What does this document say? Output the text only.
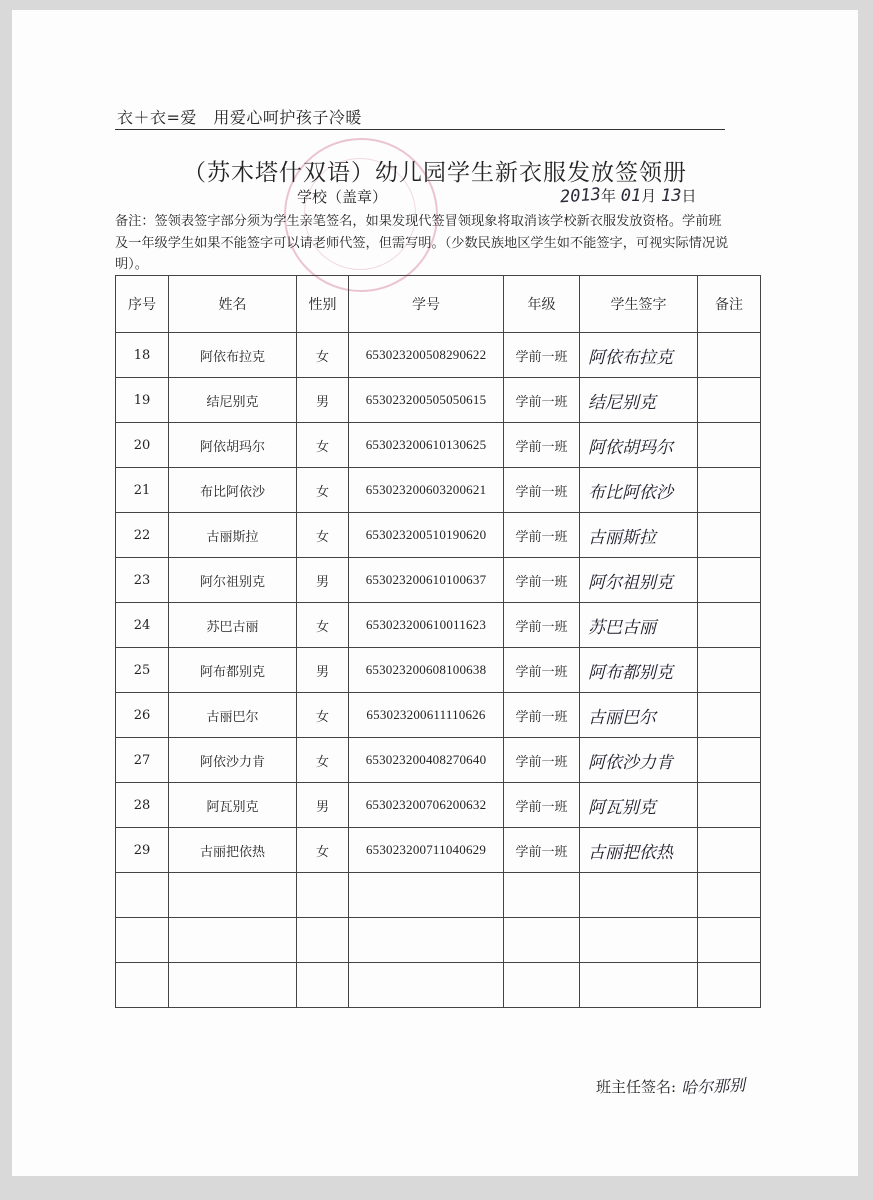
衣＋衣=爱　用爱心呵护孩子冷暖
（苏木塔什双语）幼儿园学生新衣服发放签领册
学校（盖章）	2013年 01月 13日
备注：签领表签字部分须为学生亲笔签名，如果发现代签冒领现象将取消该学校新衣服发放资格。学前班及一年级学生如果不能签字可以请老师代签，但需写明。（少数民族地区学生如不能签字，可视实际情况说明）。
序号	姓名	性别	学号	年级	学生签字	备注
18	阿依布拉克	女	653023200508290622	学前一班	阿依布拉克	
19	结尼别克	男	653023200505050615	学前一班	结尼别克	
20	阿依胡玛尔	女	653023200610130625	学前一班	阿依胡玛尔	
21	布比阿依沙	女	653023200603200621	学前一班	布比阿依沙	
22	古丽斯拉	女	653023200510190620	学前一班	古丽斯拉	
23	阿尔祖别克	男	653023200610100637	学前一班	阿尔祖别克	
24	苏巴古丽	女	653023200610011623	学前一班	苏巴古丽	
25	阿布都别克	男	653023200608100638	学前一班	阿布都别克	
26	古丽巴尔	女	653023200611110626	学前一班	古丽巴尔	
27	阿依沙力肯	女	653023200408270640	学前一班	阿依沙力肯	
28	阿瓦别克	男	653023200706200632	学前一班	阿瓦别克	
29	古丽把依热	女	653023200711040629	学前一班	古丽把依热	

班主任签名: 哈尔那别
